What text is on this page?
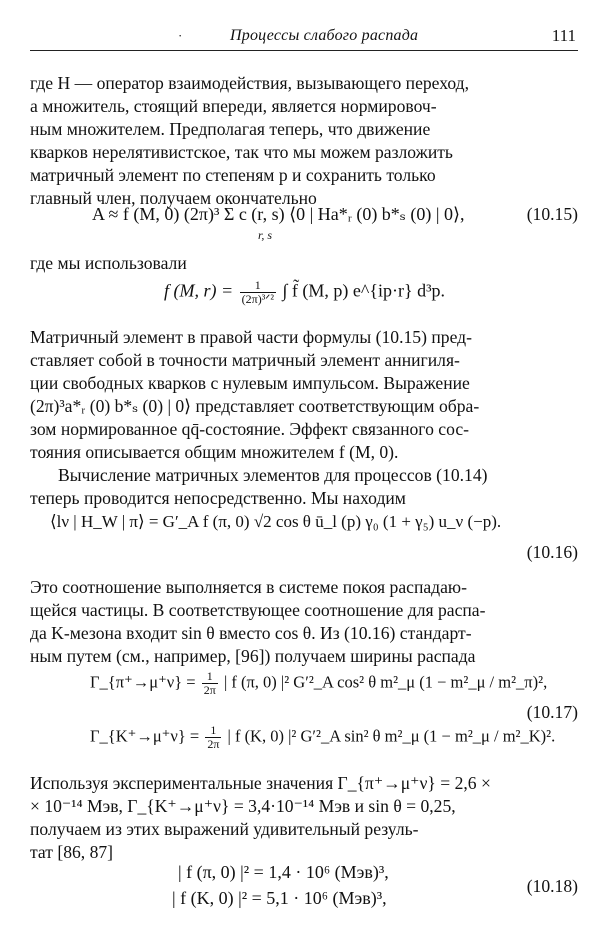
·	Процессы слабого распада	111
где H — оператор взаимодействия, вызывающего переход,
а множитель, стоящий впереди, является нормировоч-
ным множителем. Предполагая теперь, что движение
кварков нерелятивистское, так что мы можем разложить
матричный элемент по степеням p и сохранить только
главный член, получаем окончательно
A ≈ f (M, 0) (2π)³ Σ c (r, s) ⟨0 | Ha*ᵣ (0) b*ₛ (0) | 0⟩,
r, s
(10.15)
где мы использовали
f (M, $r) = \frac{1}{\text{(2π)³ᐟ²}}$ ∫ f̃ (M, p) e^{ip·r} d³p.
Матричный элемент в правой части формулы (10.15) пред-
ставляет собой в точности матричный элемент аннигиля-
ции свободных кварков с нулевым импульсом. Выражение
(2π)³a*ᵣ (0) b*ₛ (0) | 0⟩ представляет соответствующим обра-
зом нормированное qq̄-состояние. Эффект связанного сос-
тояния описывается общим множителем f (M, 0).
Вычисление матричных элементов для процессов (10.14)
теперь проводится непосредственно. Мы находим
⟨lν | H_W | π⟩ = G′_A f (π, 0) √2 cos θ ū_l (p) γ₀ (1 + γ₅) u_ν (−p).
(10.16)
Это соотношение выполняется в системе покоя распадаю-
щейся частицы. В соответствующее соотношение для распа-
да K-мезона входит sin θ вместо cos θ. Из (10.16) стандарт-
ным путем (см., например, [96]) получаем ширины распада
Γ_{π⁺→μ⁺ν} = $\frac{1}{2\pi}$ | f (π, 0) |² G′²_A cos² θ m²_μ (1 − m²_μ / m²_π)²,
Γ_{K⁺→μ⁺ν} = $\frac{1}{2\pi}$ | f (K, 0) |² G′²_A sin² θ m²_μ (1 − m²_μ / m²_K)².
(10.17)
Используя экспериментальные значения Γ_{π⁺→μ⁺ν} = 2,6 ×
× 10⁻¹⁴ Мэв, Γ_{K⁺→μ⁺ν} = 3,4·10⁻¹⁴ Мэв и sin θ = 0,25,
получаем из этих выражений удивительный резуль-
тат [86, 87]
| f (π, 0) |² = 1,4 · 10⁶ (Мэв)³,
| f (K, 0) |² = 5,1 · 10⁶ (Мэв)³,
(10.18)
